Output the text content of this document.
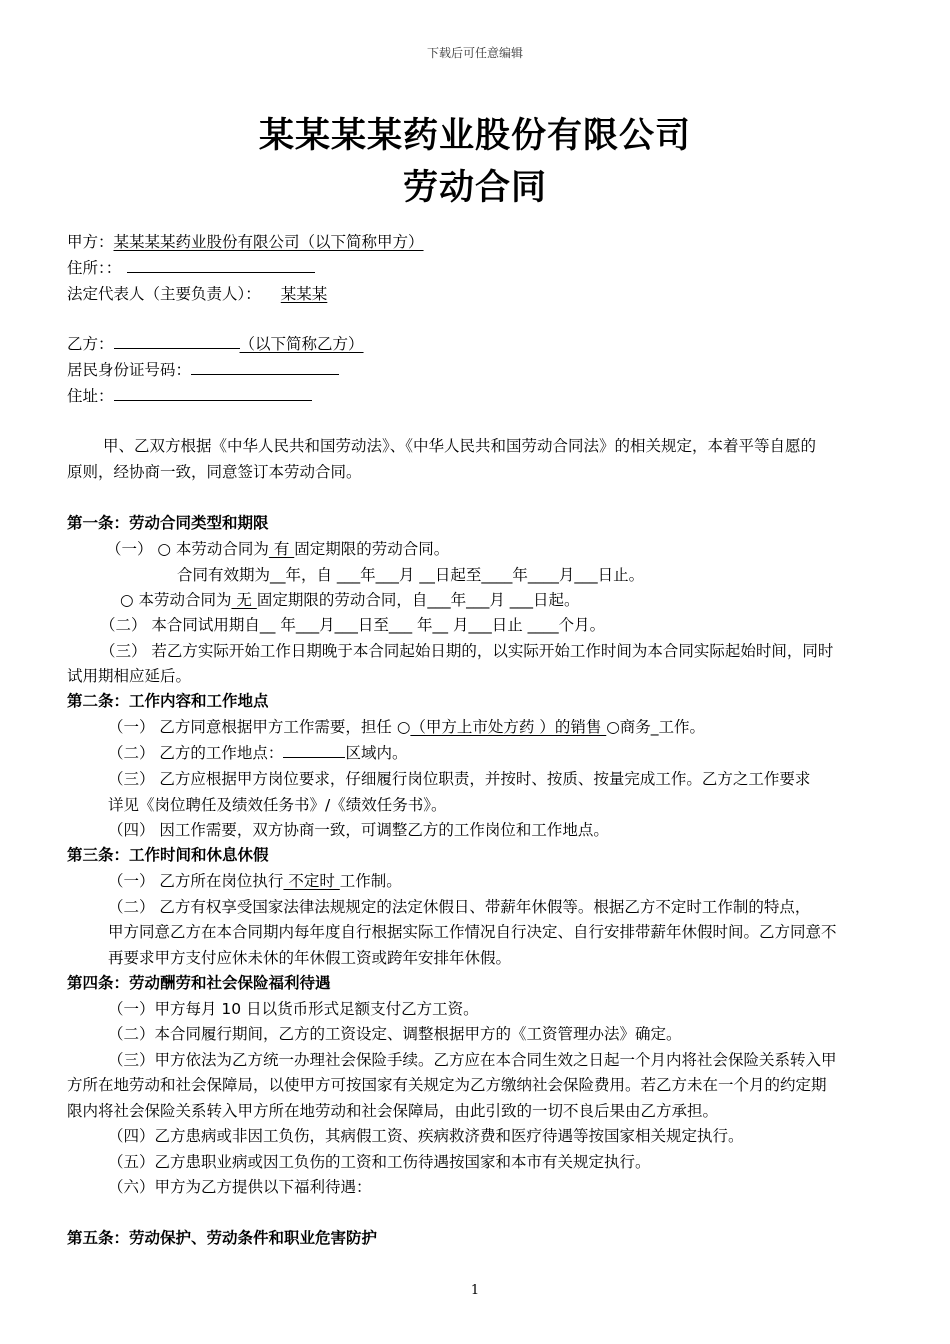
下载后可任意编辑
某某某某药业股份有限公司
劳动合同
甲方：某某某某药业股份有限公司（以下简称甲方）
住所：：
法定代表人（主要负责人）： 某某某
乙方：	（以下简称乙方）
居民身份证号码：
住址：
甲、乙双方根据《中华人民共和国劳动法》、《中华人民共和国劳动合同法》的相关规定，本着平等自愿的
原则，经协商一致，同意签订本劳动合同。
第一条：劳动合同类型和期限
（一） ○ 本劳动合同为 有 固定期限的劳动合同。
合同有效期为__年，自 ___年___月 __日起至____年____月___日止。
○ 本劳动合同为 无 固定期限的劳动合同，自___年___月 ___日起。
（二） 本合同试用期自__ 年___月___日至___ 年__ 月___日止 ____个月。
（三） 若乙方实际开始工作日期晚于本合同起始日期的，以实际开始工作时间为本合同实际起始时间，同时
试用期相应延后。
第二条：工作内容和工作地点
（一） 乙方同意根据甲方工作需要，担任 ○（甲方上市处方药 ）的销售 ○商务_工作。
（二） 乙方的工作地点：	区域内。
（三） 乙方应根据甲方岗位要求，仔细履行岗位职责，并按时、按质、按量完成工作。乙方之工作要求
详见《岗位聘任及绩效任务书》/《绩效任务书》。
（四） 因工作需要，双方协商一致，可调整乙方的工作岗位和工作地点。
第三条：工作时间和休息休假
（一） 乙方所在岗位执行 不定时 工作制。
（二） 乙方有权享受国家法律法规规定的法定休假日、带薪年休假等。根据乙方不定时工作制的特点，
甲方同意乙方在本合同期内每年度自行根据实际工作情况自行决定、自行安排带薪年休假时间。乙方同意不
再要求甲方支付应休未休的年休假工资或跨年安排年休假。
第四条：劳动酬劳和社会保险福利待遇
（一）甲方每月 10 日以货币形式足额支付乙方工资。
（二）本合同履行期间，乙方的工资设定、调整根据甲方的《工资管理办法》确定。
（三）甲方依法为乙方统一办理社会保险手续。乙方应在本合同生效之日起一个月内将社会保险关系转入甲
方所在地劳动和社会保障局，以使甲方可按国家有关规定为乙方缴纳社会保险费用。若乙方未在一个月的约定期
限内将社会保险关系转入甲方所在地劳动和社会保障局，由此引致的一切不良后果由乙方承担。
（四）乙方患病或非因工负伤，其病假工资、疾病救济费和医疗待遇等按国家相关规定执行。
（五）乙方患职业病或因工负伤的工资和工伤待遇按国家和本市有关规定执行。
（六）甲方为乙方提供以下福利待遇：
第五条：劳动保护、劳动条件和职业危害防护
1
